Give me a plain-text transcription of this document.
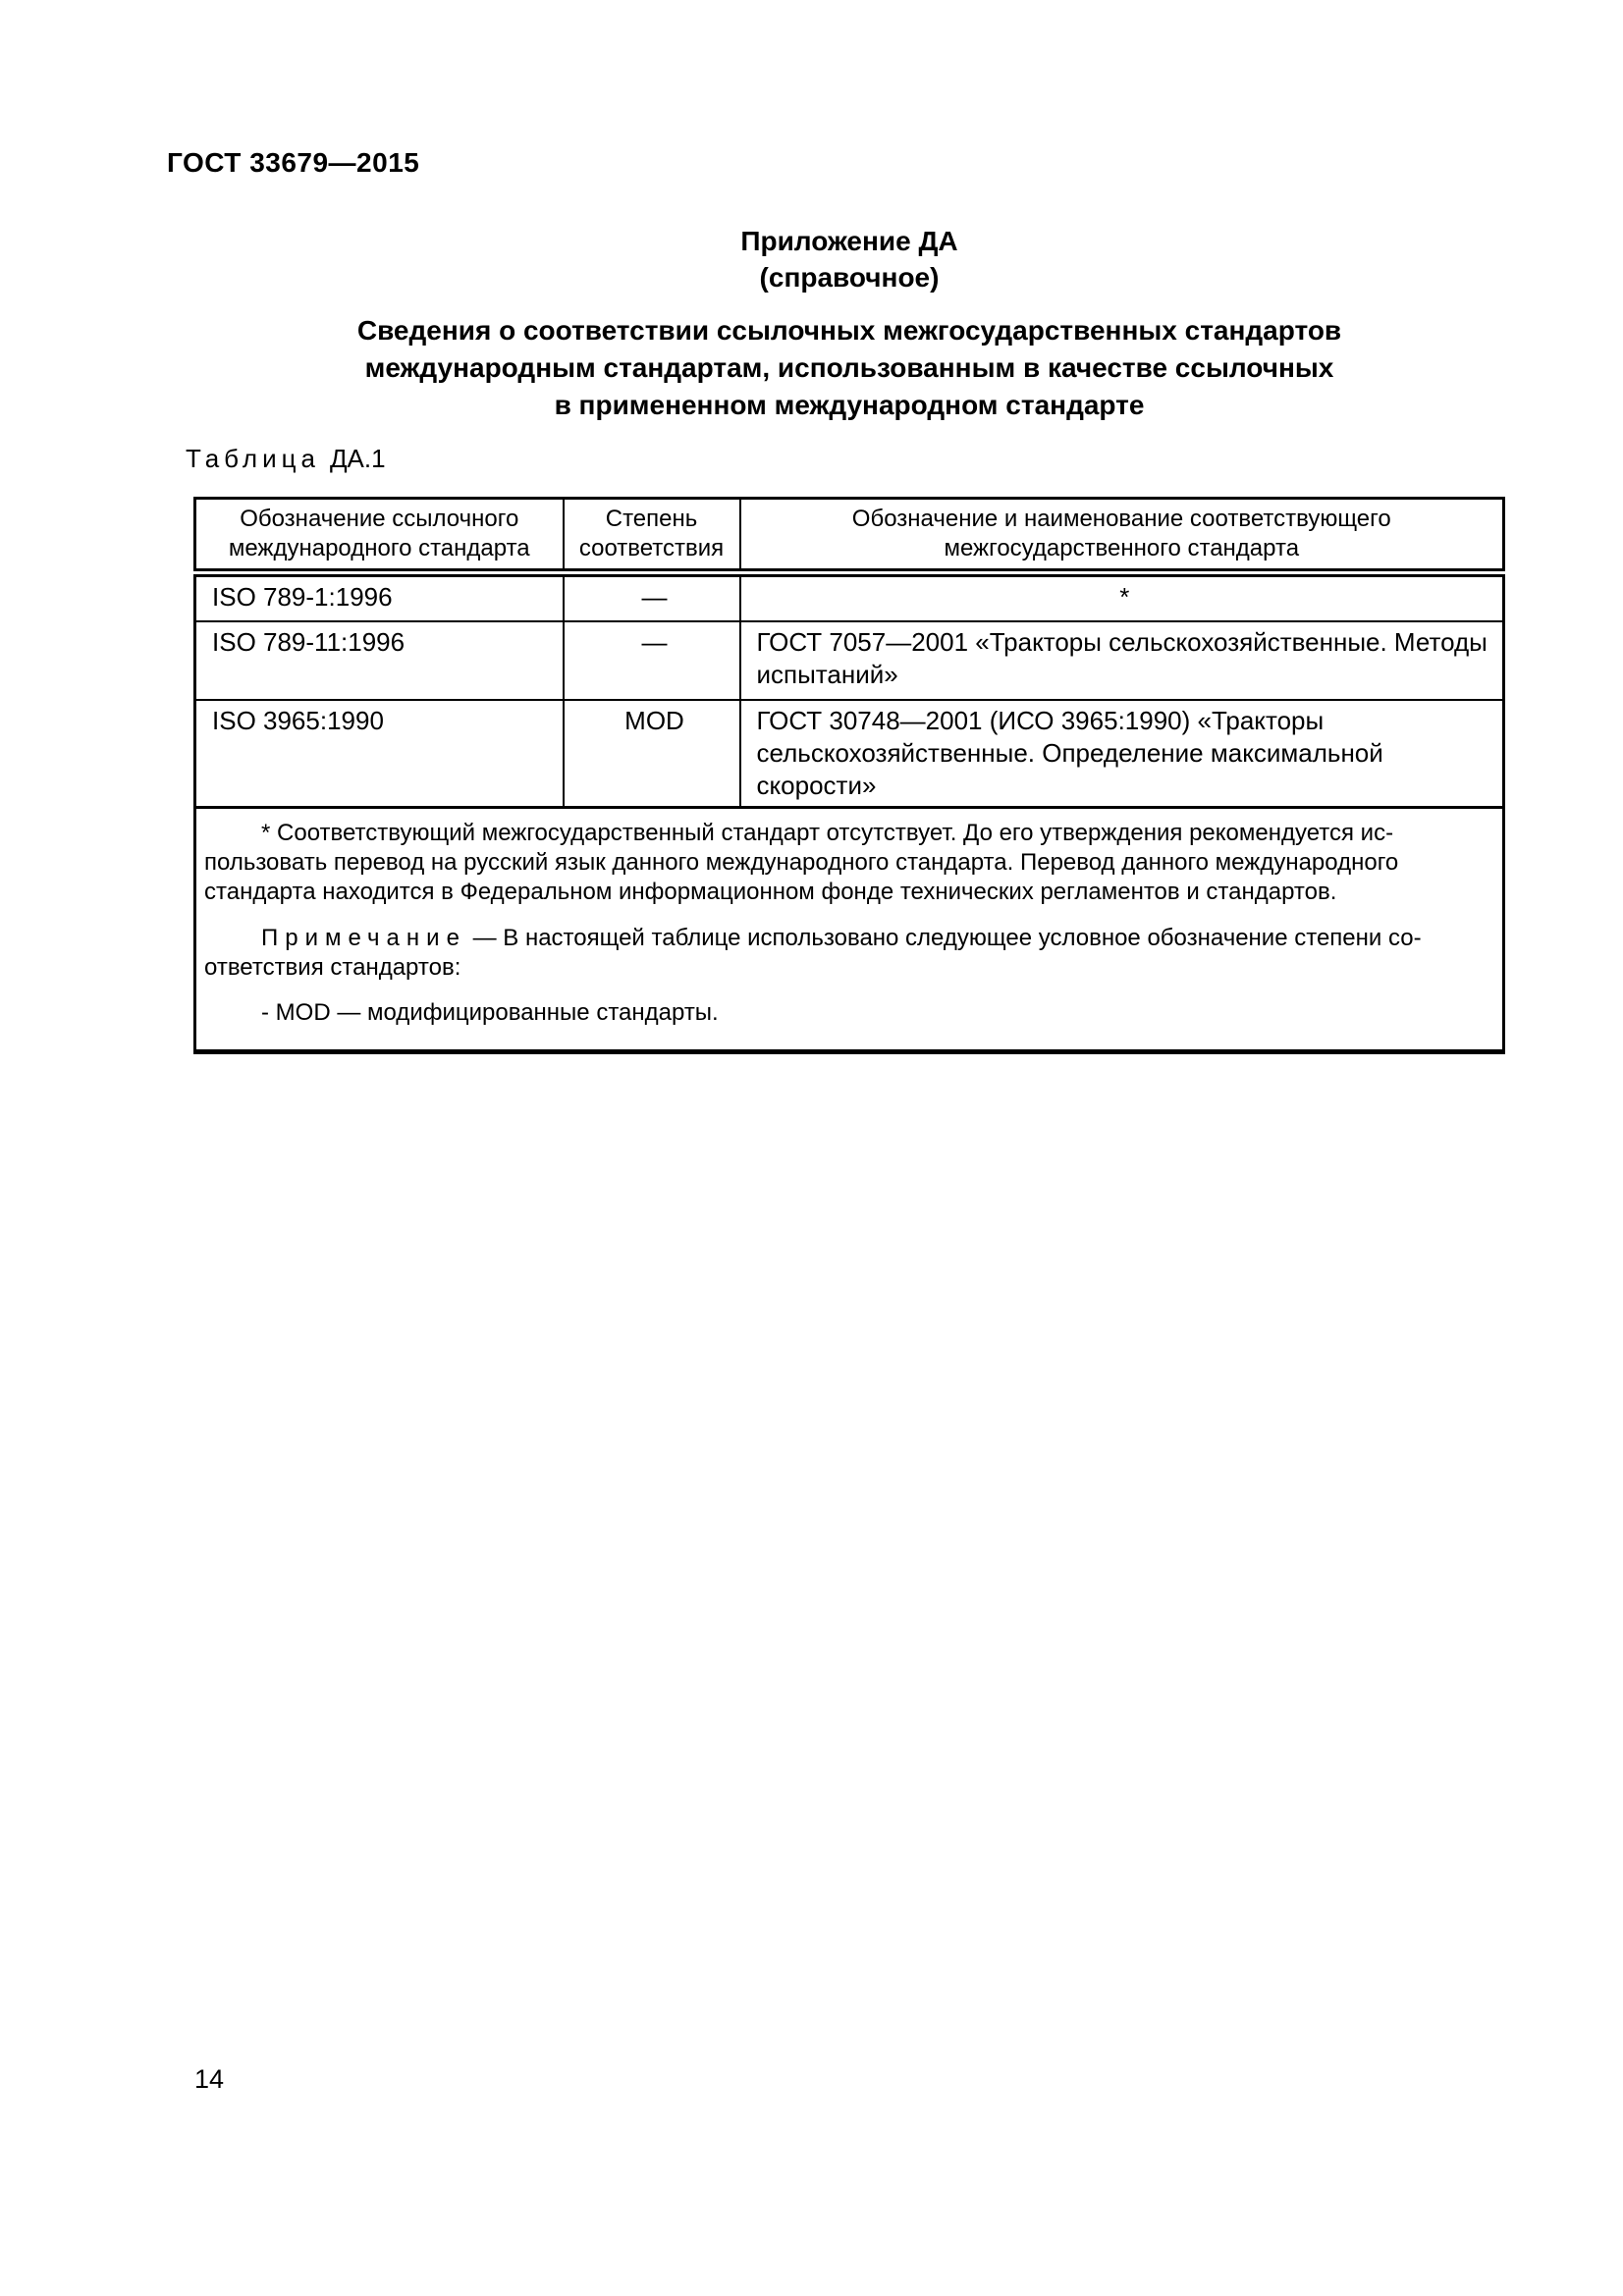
ГОСТ 33679—2015
Приложение ДА
(справочное)
Сведения о соответствии ссылочных межгосударственных стандартов
международным стандартам, использованным в качестве ссылочных
в примененном международном стандарте
Таблица ДА.1
Обозначение ссылочного международного стандарта	Степень соответствия	Обозначение и наименование соответствующего межгосударственного стандарта
ISO 789-1:1996	—	*
ISO 789-11:1996	—	ГОСТ 7057—2001 «Тракторы сельскохозяйственные. Методы испытаний»
ISO 3965:1990	MOD	ГОСТ 30748—2001 (ИСО 3965:1990) «Тракторы сельскохозяйственные. Определение максимальной скорости»

* Соответствующий межгосударственный стандарт отсутствует. До его утверждения рекомендуется использовать перевод на русский язык данного международного стандарта. Перевод данного международного стандарта находится в Федеральном информационном фонде технических регламентов и стандартов.

Примечание — В настоящей таблице использовано следующее условное обозначение степени соответствия стандартов:

- MOD — модифицированные стандарты.		

14
